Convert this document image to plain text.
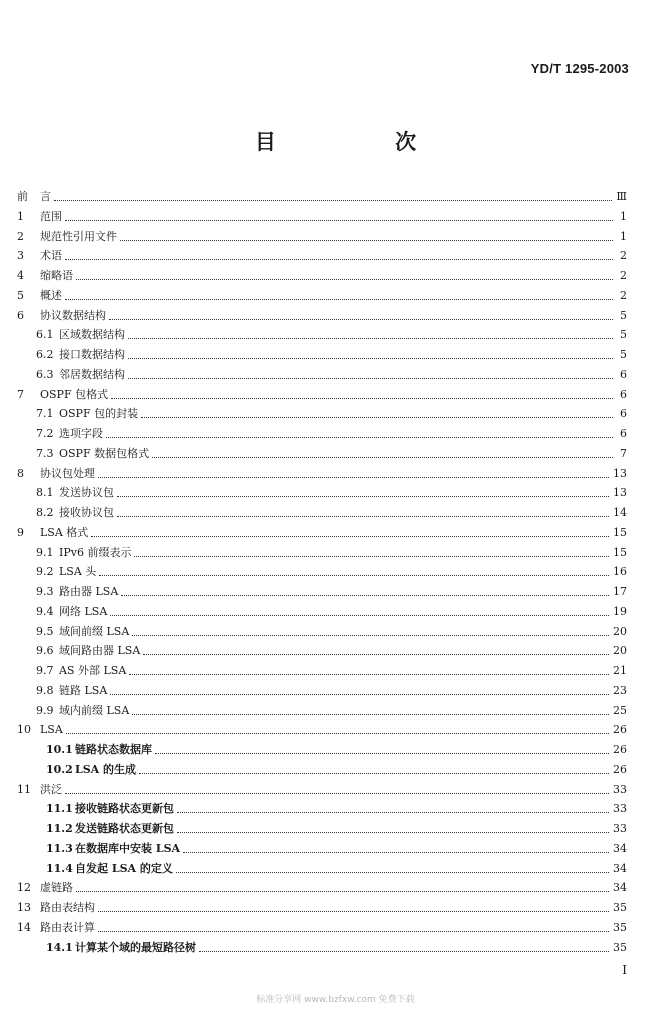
YD/T 1295-2003
目 次
前	言	Ⅲ
1	范围	1
2	规范性引用文件	1
3	术语	2
4	缩略语	2
5	概述	2
6	协议数据结构	5
6.1 区域数据结构	5
6.2 接口数据结构	5
6.3 邻居数据结构	6
7	OSPF 包格式	6
7.1 OSPF 包的封装	6
7.2 选项字段	6
7.3 OSPF 数据包格式	7
8	协议包处理	13
8.1 发送协议包	13
8.2 接收协议包	14
9	LSA 格式	15
9.1 IPv6 前缀表示	15
9.2 LSA 头	16
9.3 路由器 LSA	17
9.4 网络 LSA	19
9.5 域间前缀 LSA	20
9.6 域间路由器 LSA	20
9.7 AS 外部 LSA	21
9.8 链路 LSA	23
9.9 域内前缀 LSA	25
10 LSA	26
10.1 链路状态数据库	26
10.2 LSA 的生成	26
11 洪泛	33
11.1 接收链路状态更新包	33
11.2 发送链路状态更新包	33
11.3 在数据库中安装 LSA	34
11.4 自发起 LSA 的定义	34
12 虚链路	34
13 路由表结构	35
14 路由表计算	35
14.1 计算某个域的最短路径树	35
I
标准分享网 www.bzfxw.com 免费下载
